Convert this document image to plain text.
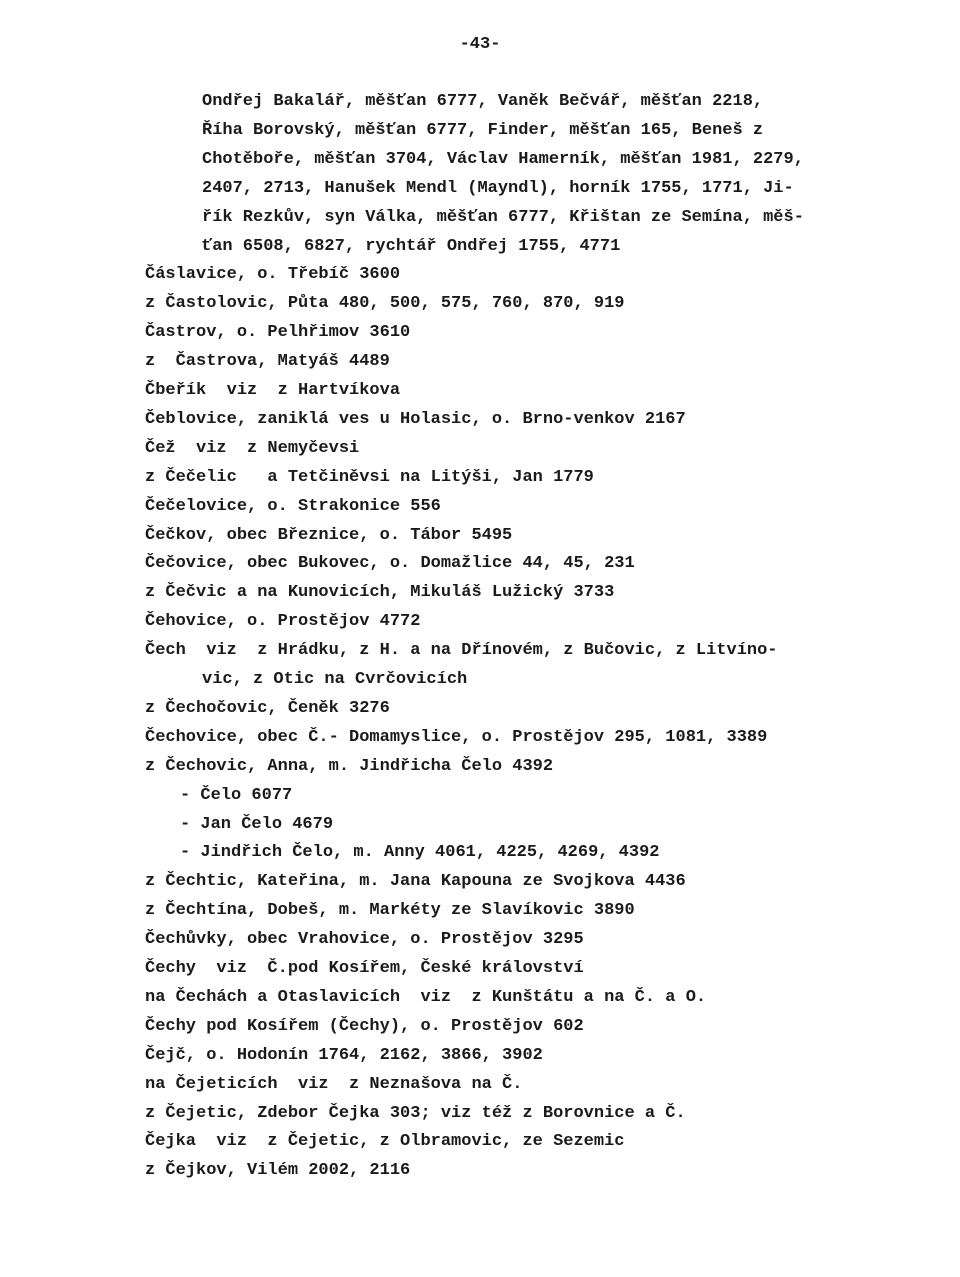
-43-
Ondřej Bakalář, měšťan 6777, Vaněk Bečvář, měšťan 2218,
Říha Borovský, měšťan 6777, Finder, měšťan 165, Beneš z
Chotěboře, měšťan 3704, Václav Hamerník, měšťan 1981, 2279,
2407, 2713, Hanušek Mendl (Mayndl), horník 1755, 1771, Ji-
řík Rezkův, syn Válka, měšťan 6777, Křištan ze Semína, měš-
ťan 6508, 6827, rychtář Ondřej 1755, 4771
Čáslavice, o. Třebíč 3600
z Častolovic, Půta 480, 500, 575, 760, 870, 919
Častrov, o. Pelhřimov 3610
z  Častrova, Matyáš 4489
Čbeřík  viz  z Hartvíkova
Čeblovice, zaniklá ves u Holasic, o. Brno-venkov 2167
Čež  viz  z Nemyčevsi
z Čečelic   a Tetčiněvsi na Litýši, Jan 1779
Čečelovice, o. Strakonice 556
Čečkov, obec Březnice, o. Tábor 5495
Čečovice, obec Bukovec, o. Domažlice 44, 45, 231
z Čečvic a na Kunovicích, Mikuláš Lužický 3733
Čehovice, o. Prostějov 4772
Čech  viz  z Hrádku, z H. a na Dřínovém, z Bučovic, z Litvíno-
vic, z Otic na Cvrčovicích
z Čechočovic, Čeněk 3276
Čechovice, obec Č.- Domamyslice, o. Prostějov 295, 1081, 3389
z Čechovic, Anna, m. Jindřicha Čelo 4392
- Čelo 6077
- Jan Čelo 4679
- Jindřich Čelo, m. Anny 4061, 4225, 4269, 4392
z Čechtic, Kateřina, m. Jana Kapouna ze Svojkova 4436
z Čechtína, Dobeš, m. Markéty ze Slavíkovic 3890
Čechůvky, obec Vrahovice, o. Prostějov 3295
Čechy  viz  Č.pod Kosířem, České království
na Čechách a Otaslavicích  viz  z Kunštátu a na Č. a O.
Čechy pod Kosířem (Čechy), o. Prostějov 602
Čejč, o. Hodonín 1764, 2162, 3866, 3902
na Čejeticích  viz  z Neznašova na Č.
z Čejetic, Zdebor Čejka 303; viz též z Borovnice a Č.
Čejka  viz  z Čejetic, z Olbramovic, ze Sezemic
z Čejkov, Vilém 2002, 2116
